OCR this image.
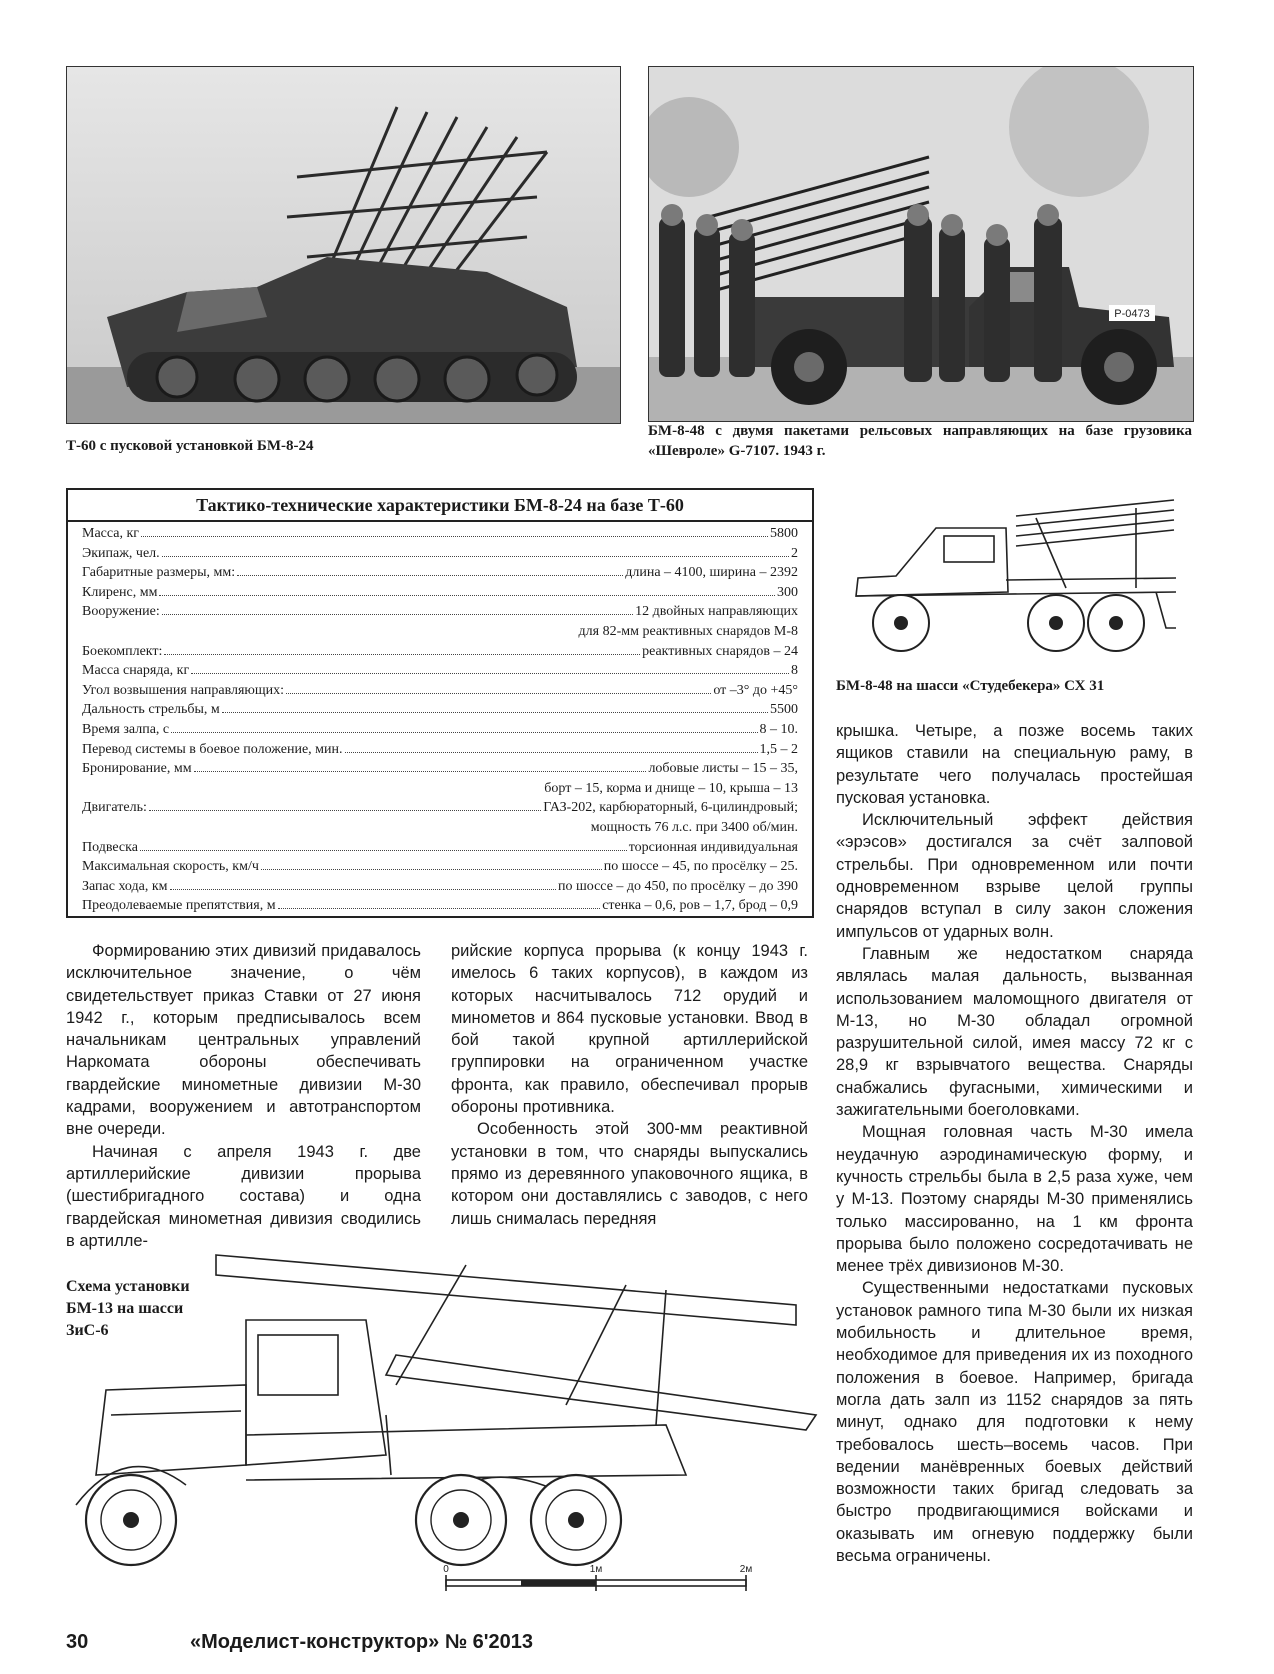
Р-0473
Т-60 с пусковой установкой БМ-8-24
БМ-8-48 с двумя пакетами рельсовых направляющих на базе грузовика «Шевроле» G-7107. 1943 г.
Тактико-технические характеристики БМ-8-24 на базе Т-60
Масса, кг	5800
Экипаж, чел.	2
Габаритные размеры, мм:	длина – 4100, ширина – 2392
Клиренс, мм	300
Вооружение:	12 двойных направляющих
для 82-мм реактивных снарядов М-8
Боекомплект:	реактивных снарядов – 24
Масса снаряда, кг	8
Угол возвышения направляющих:	от –3° до +45°
Дальность стрельбы, м	5500
Время залпа, с	8 – 10.
Перевод системы в боевое положение, мин.	1,5 – 2
Бронирование, мм	лобовые листы – 15 – 35,
борт – 15, корма и днище – 10, крыша – 13
Двигатель:	ГАЗ-202, карбюраторный, 6-цилиндровый;
мощность 76 л.с. при 3400 об/мин.
Подвеска	торсионная индивидуальная
Максимальная скорость, км/ч	по шоссе – 45, по просёлку – 25.
Запас хода, км	по шоссе – до 450, по просёлку – до 390
Преодолеваемые препятствия, м	стенка – 0,6, ров – 1,7, брод – 0,9
БМ-8-48 на шасси «Студебекера» СХ 31

крышка. Четыре, а позже восемь таких ящиков ставили на специальную раму, в результате чего получалась простейшая пусковая установка.

Исключительный эффект действия «эрэсов» достигался за счёт залповой стрельбы. При одновременном или почти одновременном взрыве целой группы снарядов вступал в силу закон сложения импульсов от ударных волн.

Главным же недостатком снаряда являлась малая дальность, вызванная использованием маломощного двигателя от М-13, но М-30 обладал огромной разрушительной силой, имея массу 72 кг с 28,9 кг взрывчатого вещества. Снаряды снабжались фугасными, химическими и зажигательными боеголовками.

Мощная головная часть М-30 имела неудачную аэродинамическую форму, и кучность стрельбы была в 2,5 раза хуже, чем у М-13. Поэтому снаряды М-30 применялись только массированно, на 1 км фронта прорыва было положено сосредотачивать не менее трёх дивизионов М-30.

Существенными недостатками пусковых установок рамного типа М-30 были их низкая мобильность и длительное время, необходимое для приведения их из походного положения в боевое. Например, бригада могла дать залп из 1152 снарядов за пять минут, однако для подготовки к нему требовалось шесть–восемь часов. При ведении манёвренных боевых действий возможности таких бригад следовать за быстро продвигающимися войсками и оказывать им огневую поддержку были весьма ограничены.

Формированию этих дивизий придавалось исключительное значение, о чём свидетельствует приказ Ставки от 27 июня 1942 г., которым предписывалось всем начальникам центральных управлений Наркомата обороны обеспечивать гвардейские минометные дивизии М-30 кадрами, вооружением и автотранспортом вне очереди.

Начиная с апреля 1943 г. две артиллерийские дивизии прорыва (шестибригадного состава) и одна гвардейская минометная дивизия сводились в артилле-

рийские корпуса прорыва (к концу 1943 г. имелось 6 таких корпусов), в каждом из которых насчитывалось 712 орудий и минометов и 864 пусковые установки. Ввод в бой такой крупной артиллерийской группировки на ограниченном участке фронта, как правило, обеспечивал прорыв обороны противника.

Особенность этой 300-мм реактивной установки в том, что снаряды выпускались прямо из деревянного упаковочного ящика, в котором они доставлялись с заводов, с него лишь снималась передняя

Схема установки БМ-13 на шасси ЗиС-6
0	1м	2м
30	«Моделист-конструктор» № 6'2013
